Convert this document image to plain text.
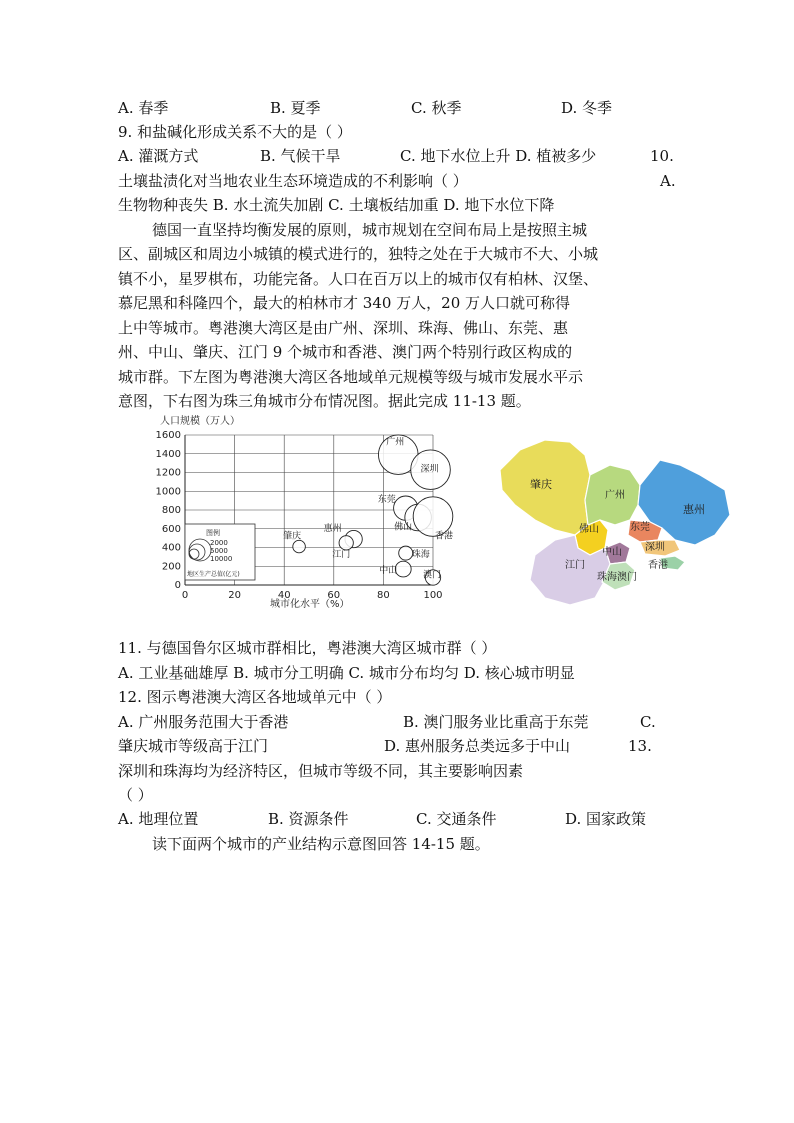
A. 春季	B. 夏季	C. 秋季	D. 冬季
9. 和盐碱化形成关系不大的是（ ）
A. 灌溉方式	B. 气候干旱	C. 地下水位上升 D. 植被多少	10.
土壤盐渍化对当地农业生态环境造成的不利影响（ ）	A.
生物物种丧失 B. 水土流失加剧 C. 土壤板结加重 D. 地下水位下降
德国一直坚持均衡发展的原则，城市规划在空间布局上是按照主城
区、副城区和周边小城镇的模式进行的，独特之处在于大城市不大、小城
镇不小，星罗棋布，功能完备。人口在百万以上的城市仅有柏林、汉堡、
慕尼黑和科隆四个，最大的柏林市才 340 万人，20 万人口就可称得
上中等城市。粤港澳大湾区是由广州、深圳、珠海、佛山、东莞、惠
州、中山、肇庆、江门 9 个城市和香港、澳门两个特别行政区构成的
城市群。下左图为粤港澳大湾区各地域单元规模等级与城市发展水平示
意图，下右图为珠三角城市分布情况图。据此完成 11-13 题。
人口规模（万人）
城市化水平（%）
0
200
400
600
800
1000
1200
1400
1600
0	20	40	60	80	100
图例
2000
5000
10000
地区生产总值(亿元)
广州
深圳
东莞
佛山
香港
惠州
肇庆
江门	珠海
中山	澳门
肇庆
广州
惠州
佛山	东莞
中山 深圳
江门	香港
珠海澳门
11. 与德国鲁尔区城市群相比，粤港澳大湾区城市群（ ）
A. 工业基础雄厚 B. 城市分工明确 C. 城市分布均匀 D. 核心城市明显
12. 图示粤港澳大湾区各地域单元中（ ）
A. 广州服务范围大于香港	B. 澳门服务业比重高于东莞	C.
肇庆城市等级高于江门	D. 惠州服务总类远多于中山	13.
深圳和珠海均为经济特区，但城市等级不同，其主要影响因素
（ ）
A. 地理位置	B. 资源条件	C. 交通条件	D. 国家政策
读下面两个城市的产业结构示意图回答 14-15 题。
